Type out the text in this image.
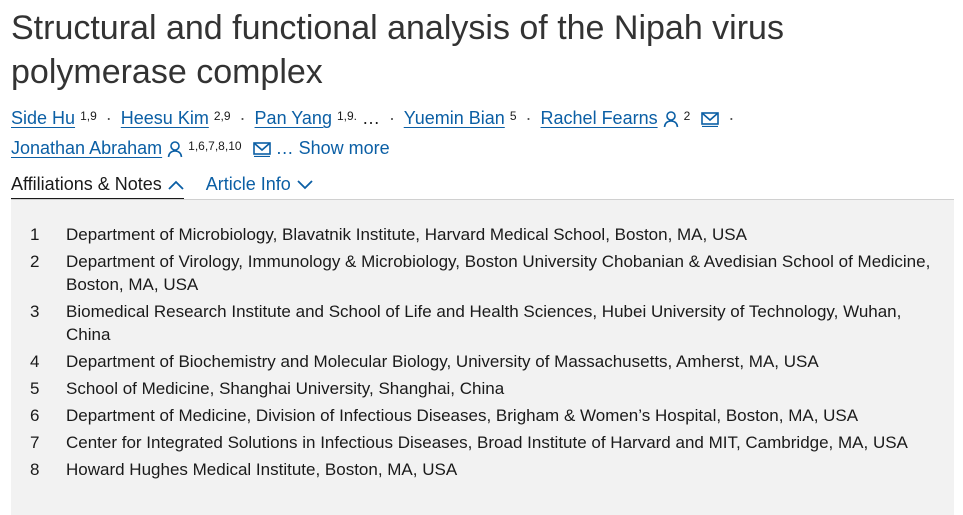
Structural and functional analysis of the Nipah virus polymerase complex
Side Hu $^{1,9}$ · Heesu Kim $^{2,9}$ · Pan Yang $^{1,9.}$ … · Yuemin Bian $^5$ · Rachel Fearns $^2$ ·
Jonathan Abraham $^{1,6,7,8,10}$ … Show more
Affiliations & Notes Article Info
1	Department of Microbiology, Blavatnik Institute, Harvard Medical School, Boston, MA, USA
2	Department of Virology, Immunology & Microbiology, Boston University Chobanian & Avedisian School of Medicine, Boston, MA, USA
3	Biomedical Research Institute and School of Life and Health Sciences, Hubei University of Technology, Wuhan, China
4	Department of Biochemistry and Molecular Biology, University of Massachusetts, Amherst, MA, USA
5	School of Medicine, Shanghai University, Shanghai, China
6	Department of Medicine, Division of Infectious Diseases, Brigham & Women’s Hospital, Boston, MA, USA
7	Center for Integrated Solutions in Infectious Diseases, Broad Institute of Harvard and MIT, Cambridge, MA, USA
8	Howard Hughes Medical Institute, Boston, MA, USA
